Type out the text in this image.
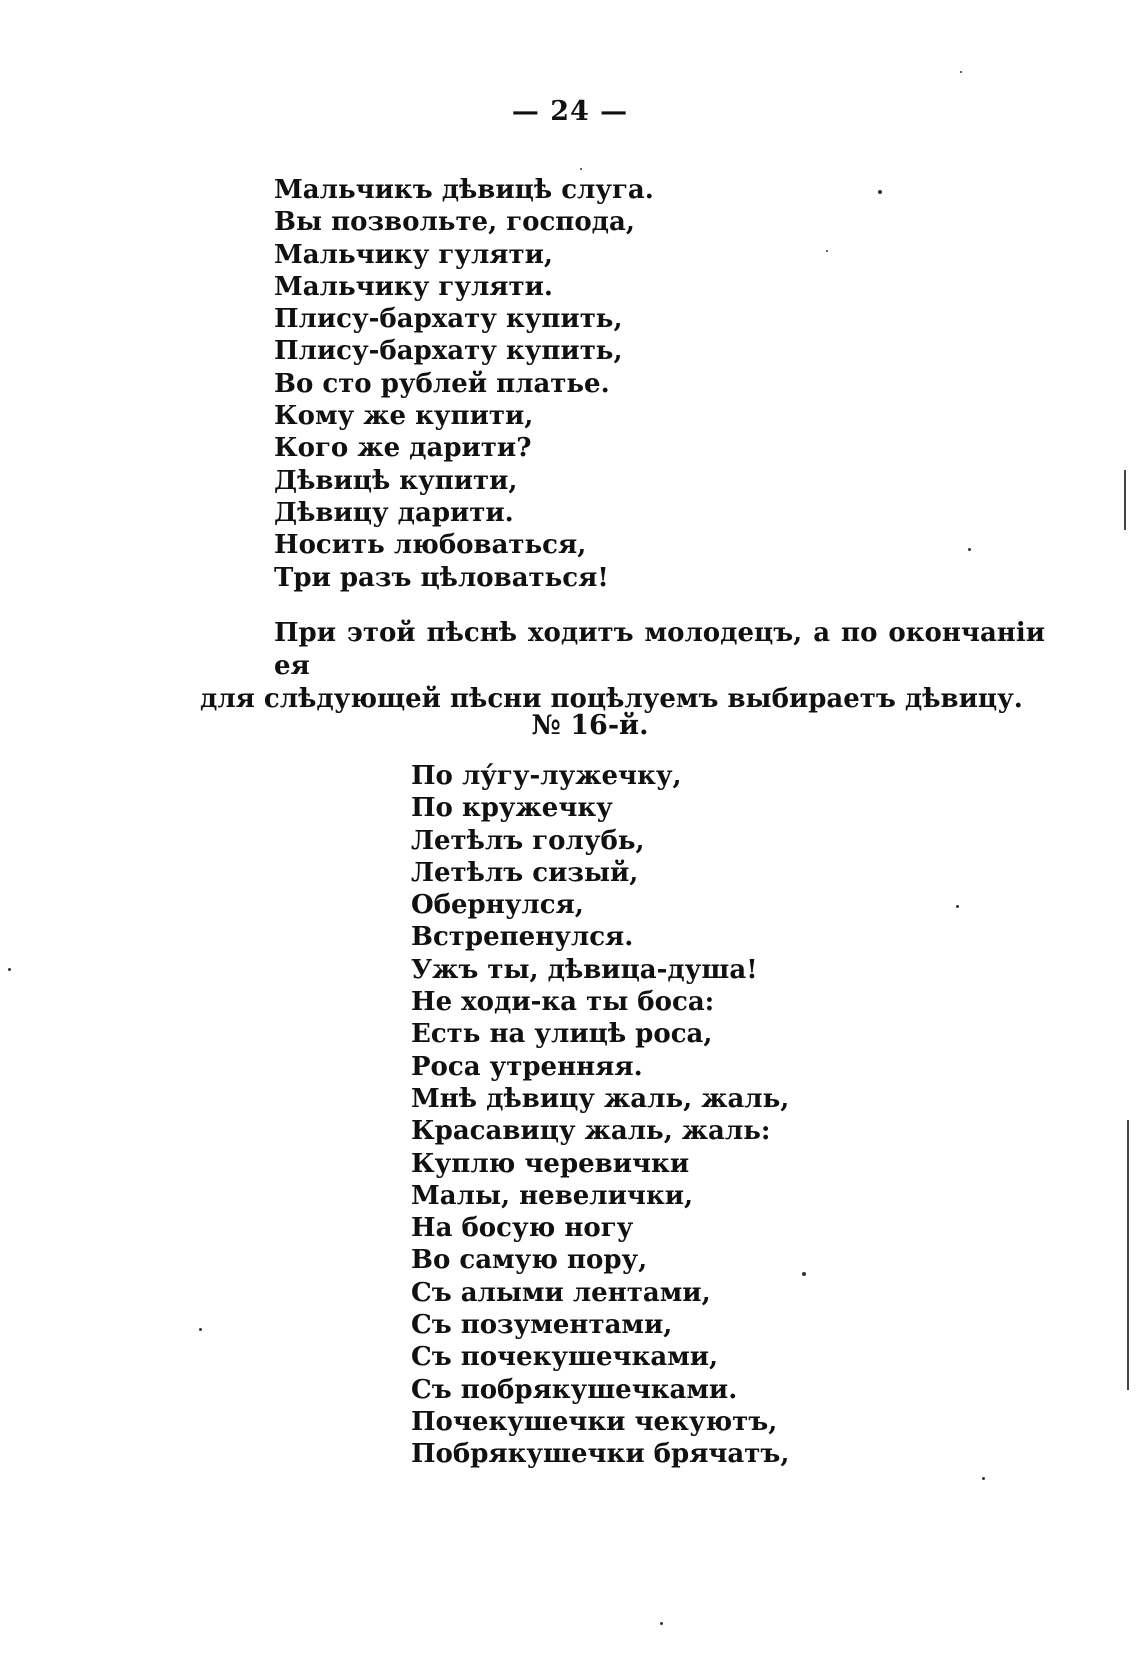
— 24 —
Мальчикъ дѣвицѣ слуга.
Вы позвольте, господа,
Мальчику гуляти,
Мальчику гуляти.
Плису-бархату купить,
Плису-бархату купить,
Во сто рублей платье.
Кому же купити,
Кого же дарити?
Дѣвицѣ купити,
Дѣвицу дарити.
Носить любоваться,
Три разъ цѣловаться!
При этой пѣснѣ ходитъ молодецъ, а по окончанiи ея
для слѣдующей пѣсни поцѣлуемъ выбираетъ дѣвицу.
№ 16-й.
По лу́гу-лужечку,
По кружечку
Летѣлъ голубь,
Летѣлъ сизый,
Обернулся,
Встрепенулся.
Ужъ ты, дѣвица-душа!
Не ходи-ка ты боса:
Есть на улицѣ роса,
Роса утренняя.
Мнѣ дѣвицу жаль, жаль,
Красавицу жаль, жаль:
Куплю черевички
Малы, невелички,
На босую ногу
Во самую пору,
Съ алыми лентами,
Съ позументами,
Съ почекушечками,
Съ побрякушечками.
Почекушечки чекуютъ,
Побрякушечки брячатъ,
